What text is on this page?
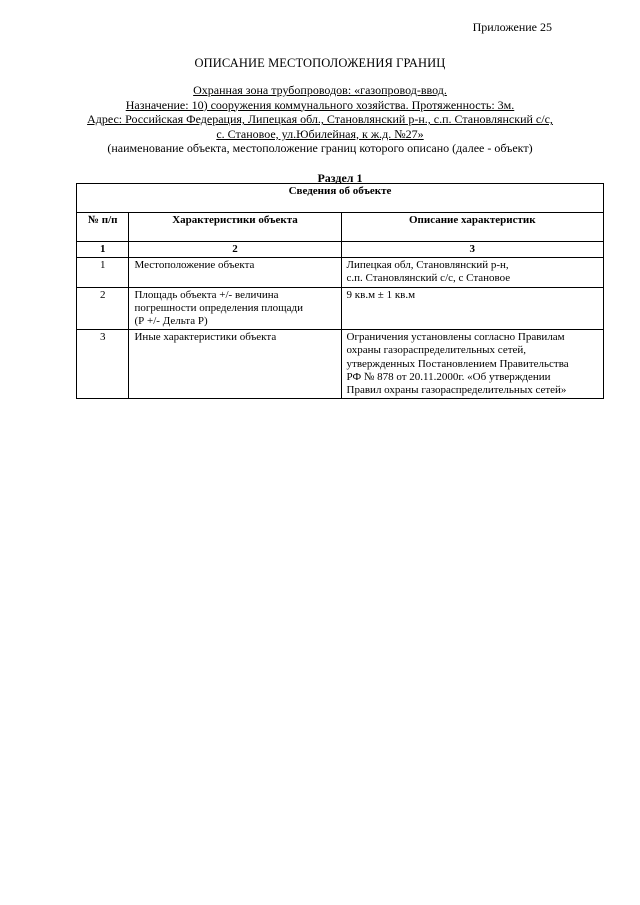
Приложение 25
ОПИСАНИЕ МЕСТОПОЛОЖЕНИЯ ГРАНИЦ
Охранная зона трубопроводов: «газопровод-ввод.
Назначение: 10) сооружения коммунального хозяйства. Протяженность: 3м.
Адрес: Российская Федерация, Липецкая обл., Становлянский р-н., с.п. Становлянский с/с,
с. Становое, ул.Юбилейная, к ж.д. №27»
(наименование объекта, местоположение границ которого описано (далее - объект)
Раздел 1
Сведения об объекте		
№ п/п	Характеристики объекта	Описание характеристик
1	2	3
1	Местоположение объекта	Липецкая обл, Становлянский р-н,
с.п. Становлянский с/с, с Становое

2	Площадь объекта +/- величина
погрешности определения площади
(Р +/- Дельта Р)	9 кв.м ± 1 кв.м

3	Иные характеристики объекта	Ограничения установлены согласно Правилам
охраны газораспределительных сетей,
утвержденных Постановлением Правительства
РФ № 878 от 20.11.2000г. «Об утверждении
Правил охраны газораспределительных сетей»
